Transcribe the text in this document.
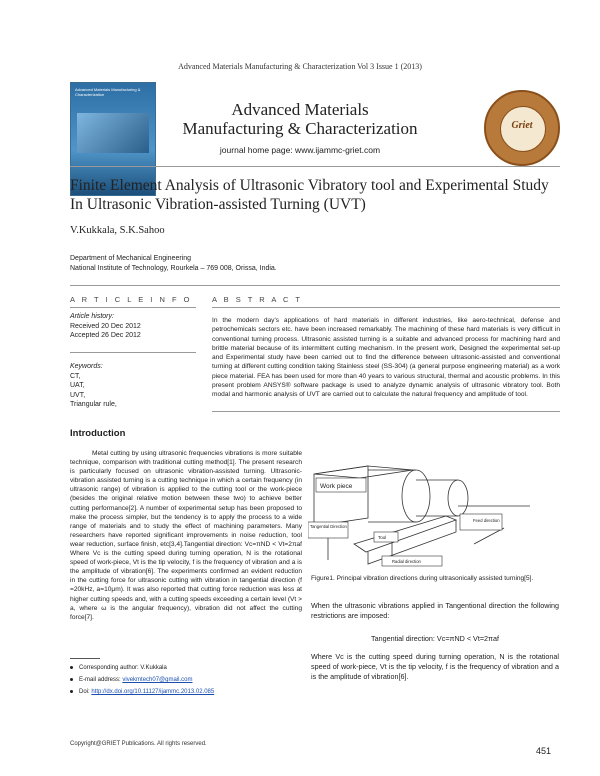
Advanced Materials Manufacturing & Characterization Vol 3 Issue 1 (2013)
Advanced Materials Manufacturing & Characterization
Advanced Materials
Manufacturing & Characterization
journal home page: www.ijammc-griet.com
Griet
Finite Element Analysis of Ultrasonic Vibratory tool and Experimental Study
In Ultrasonic Vibration-assisted Turning (UVT)
V.Kukkala, S.K.Sahoo
Department of Mechanical Engineering
National Institute of Technology, Rourkela – 769 008, Orissa, India.
A R T I C L E I N F O
Article history:
Received 20 Dec 2012
Accepted 26 Dec 2012
Keywords:
CT,
UAT,
UVT,
Triangular rule,
A B S T R A C T
In the modern day's applications of hard materials in different industries, like aero-technical, defense and petrochemicals sectors etc. have been increased remarkably. The machining of these hard materials is very difficult in conventional turning process. Ultrasonic assisted turning is a suitable and advanced process for machining hard and brittle material because of its intermittent cutting mechanism. In the present work, Designed the experimental set-up and Experimental study have been carried out to find the difference between ultrasonic-assisted and conventional turning at different cutting condition taking Stainless steel (SS-304) (a general purpose engineering material) as a work piece material. FEA has been used for more than 40 years to various structural, thermal and acoustic problems. In this present problem ANSYS® software package is used to analyze dynamic analysis of ultrasonic vibratory tool. Both modal and harmonic analysis of UVT are carried out to calculate the natural frequency and amplitude of tool.
Introduction

Metal cutting by using ultrasonic frequencies vibrations is more suitable technique, comparison with traditional cutting method[1]. The present research is particularly focused on ultrasonic vibration-assisted turning. Ultrasonic-vibration assisted turning is a cutting technique in which a certain frequency (in ultrasonic range) of vibration is applied to the cutting tool or the work-piece (besides the original relative motion between these two) to achieve better cutting performance[2]. A number of experimental setup has been proposed to make the process simpler, but the tendency is to apply the process to a wide range of materials and to study the effect of machining parameters. Many researchers have reported significant improvements in noise reduction, tool wear reduction, surface finish, etc[3,4].Tangential direction: Vc=πND < Vt=2πaf Where Vc is the cutting speed during turning operation, N is the rotational speed of work-piece, Vt is the tip velocity, f is the frequency of vibration and a is the amplitude of vibration[6]. The experiments confirmed an evident reduction in the cutting force for ultrasonic cutting with vibration in tangential direction (f =20kHz, a=10μm). It was also reported that cutting force reduction was less at higher cutting speeds and, with a cutting speeds exceeding a certain level (Vt > a, where ω is the angular frequency), vibration did not affect the cutting force[7].

Work piece
Tangential Direction
Tool
Feed direction
Radial direction
Figure1. Principal vibration directions during ultrasonically assisted turning[5].
When the ultrasonic vibrations applied in Tangentional direction the following restrictions are imposed:
Tangential direction: Vc=πND < Vt=2πaf
Where Vc is the cutting speed during turning operation, N is the rotational speed of work-piece, Vt is the tip velocity, f is the frequency of vibration and a is the amplitude of vibration[6].
Corresponding author: V.Kukkala
E-mail address: vivekmtech07@gmail.com
Doi: http://dx.doi.org/10.11127/ijammc.2013.02.085
Copyright@GRIET Publications. All rights reserved.
451
